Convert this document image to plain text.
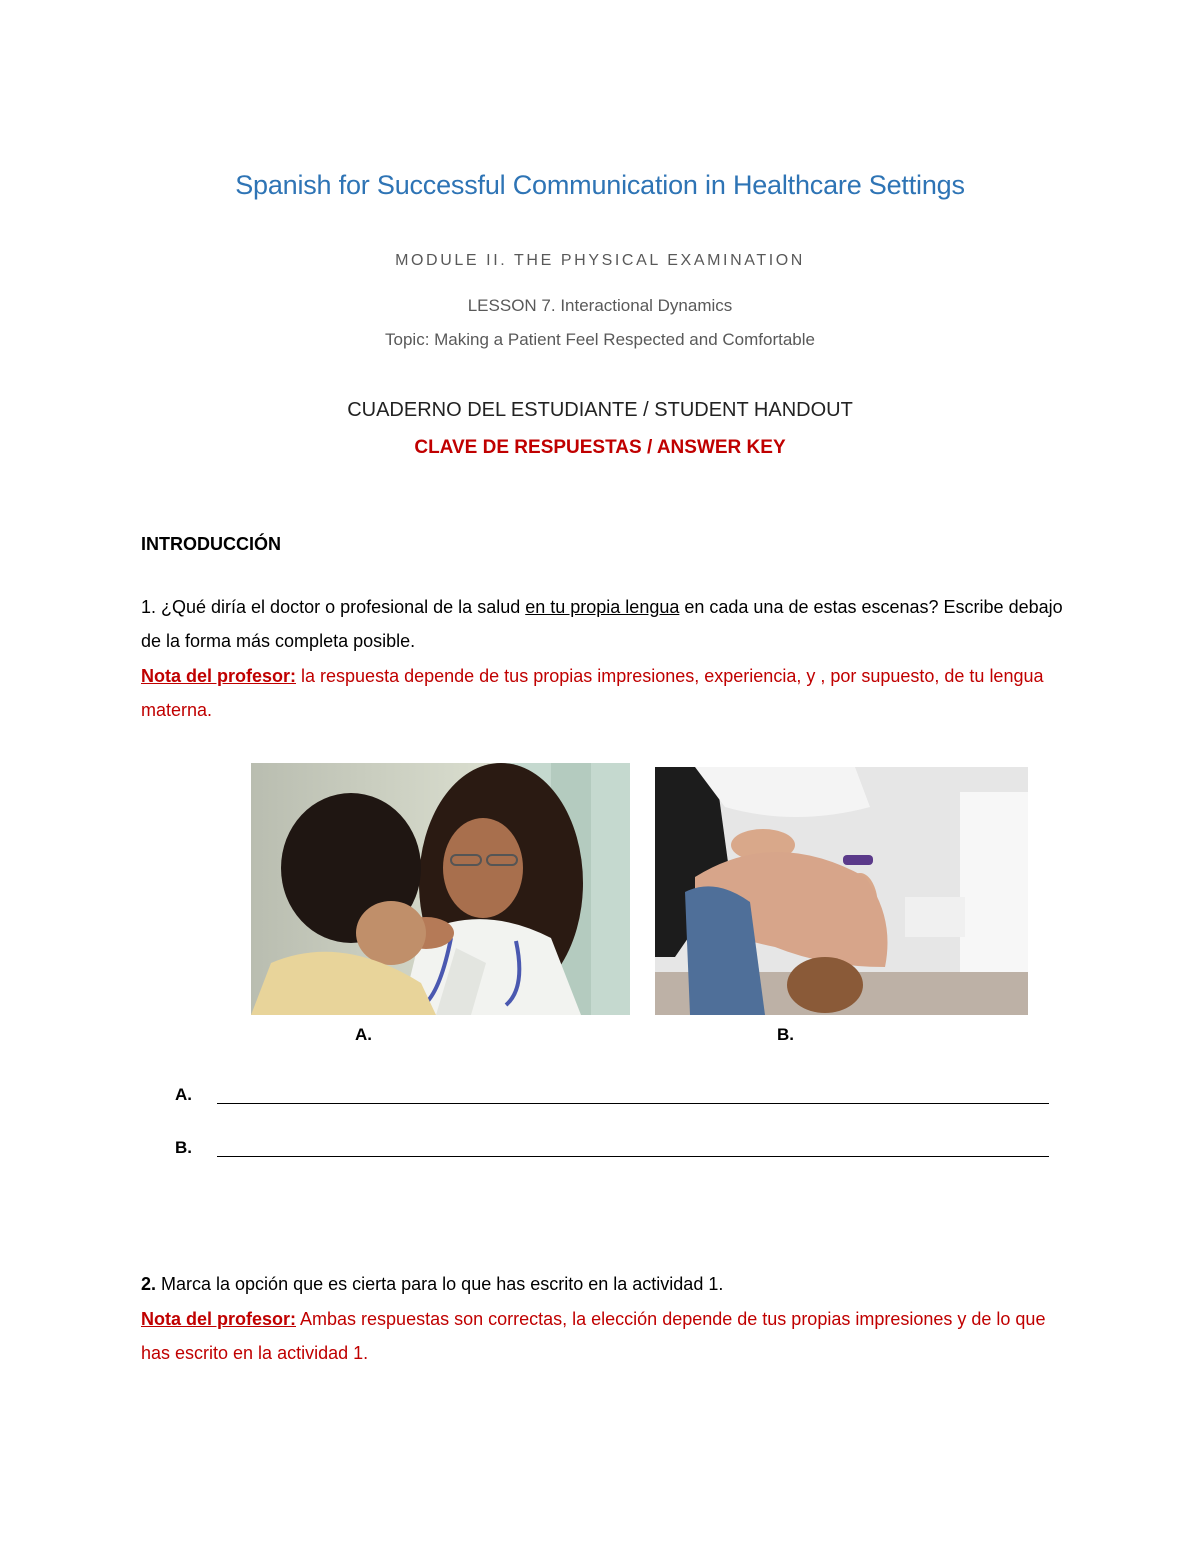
Spanish for Successful Communication in Healthcare Settings
MODULE II. THE PHYSICAL EXAMINATION
LESSON 7. Interactional Dynamics
Topic: Making a Patient Feel Respected and Comfortable
CUADERNO DEL ESTUDIANTE / STUDENT HANDOUT
CLAVE DE RESPUESTAS / ANSWER KEY
INTRODUCCIÓN
1. ¿Qué diría el doctor o profesional de la salud en tu propia lengua en cada una de estas escenas? Escribe debajo de la forma más completa posible.
Nota del profesor: la respuesta depende de tus propias impresiones, experiencia, y , por supuesto, de tu lengua materna.
A.	B.
A.
B.
2. Marca la opción que es cierta para lo que has escrito en la actividad 1.
Nota del profesor: Ambas respuestas son correctas, la elección depende de tus propias impresiones y de lo que has escrito en la actividad 1.
